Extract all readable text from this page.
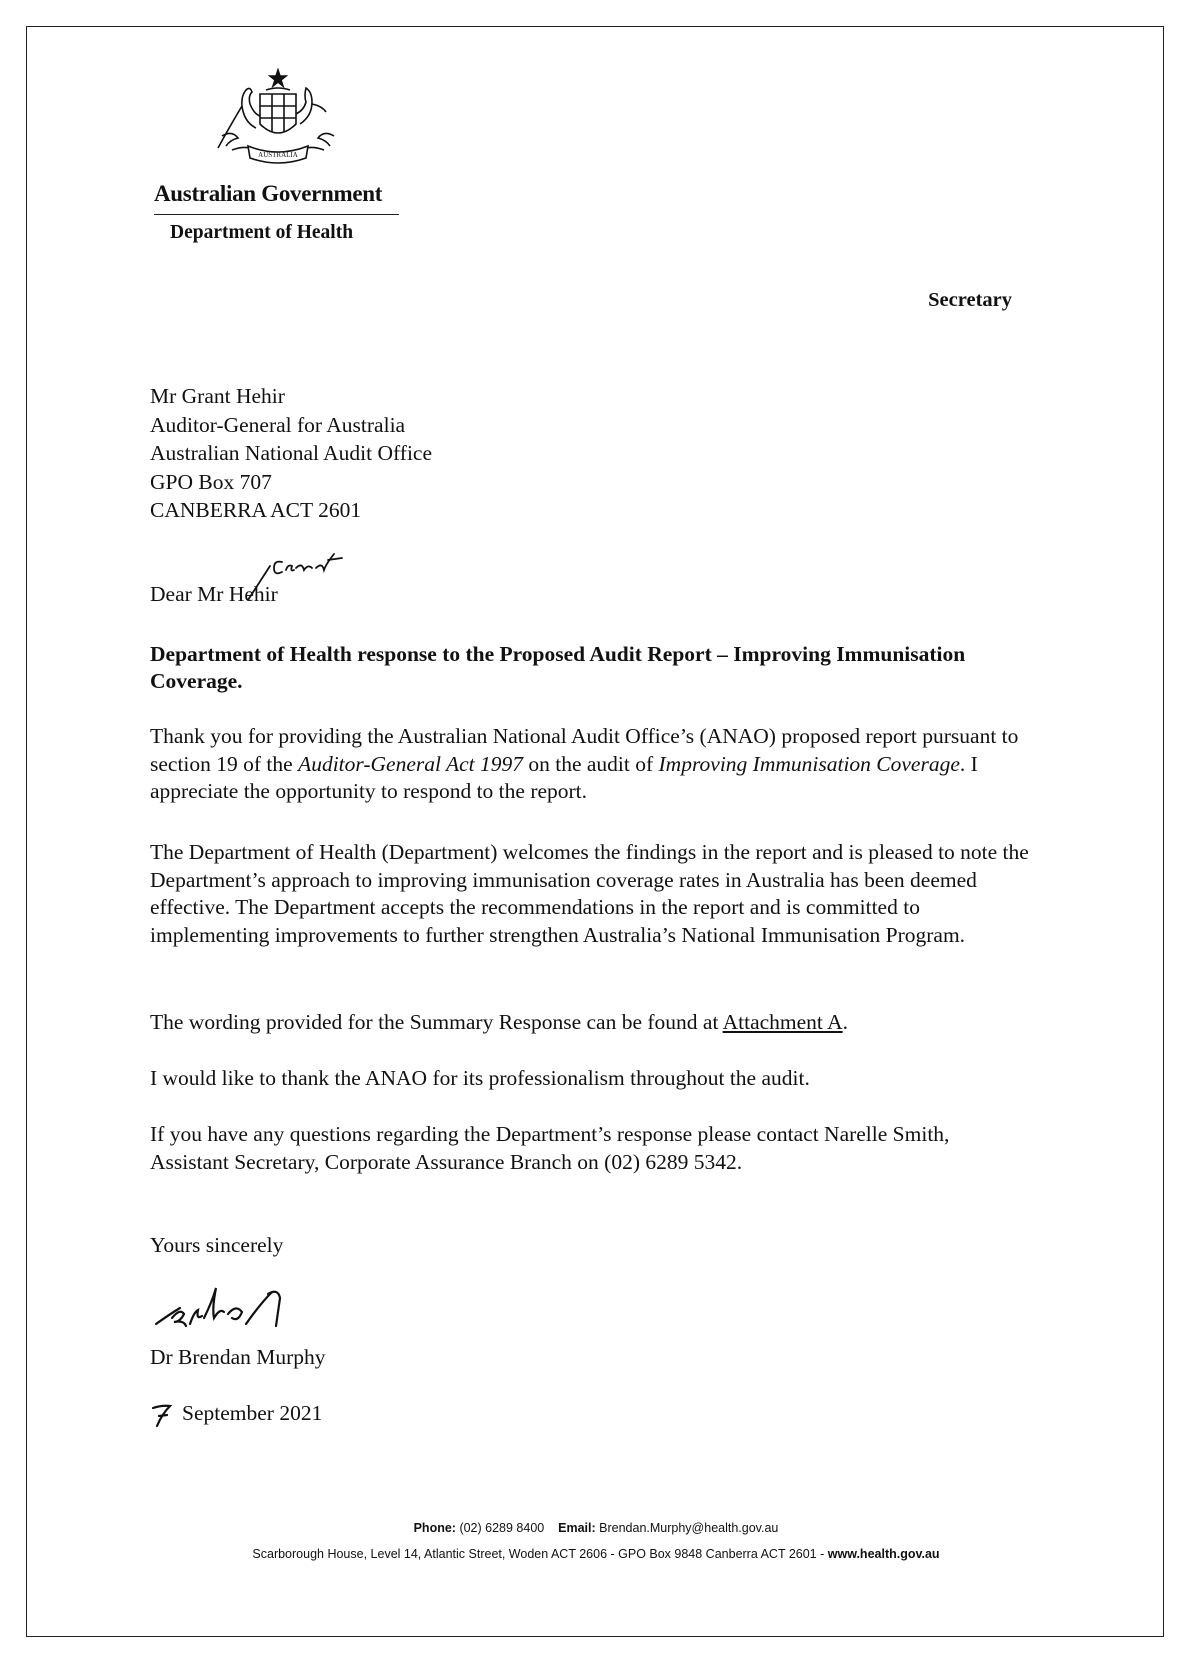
AUSTRALIA
Australian Government
Department of Health
Secretary
Mr Grant Hehir
Auditor-General for Australia
Australian National Audit Office
GPO Box 707
CANBERRA ACT 2601
Dear Mr Hehir
Department of Health response to the Proposed Audit Report – Improving Immunisation Coverage.

Thank you for providing the Australian National Audit Office’s (ANAO) proposed report pursuant to section 19 of the Auditor-General Act 1997 on the audit of Improving Immunisation Coverage. I appreciate the opportunity to respond to the report.

The Department of Health (Department) welcomes the findings in the report and is pleased to note the Department’s approach to improving immunisation coverage rates in Australia has been deemed effective. The Department accepts the recommendations in the report and is committed to implementing improvements to further strengthen Australia’s National Immunisation Program.

The wording provided for the Summary Response can be found at Attachment A.

I would like to thank the ANAO for its professionalism throughout the audit.

If you have any questions regarding the Department’s response please contact Narelle Smith, Assistant Secretary, Corporate Assurance Branch on (02) 6289 5342.

Yours sincerely
Dr Brendan Murphy
September 2021
Phone: (02) 6289 8400 Email: Brendan.Murphy@health.gov.au
Scarborough House, Level 14, Atlantic Street, Woden ACT 2606 - GPO Box 9848 Canberra ACT 2601 - www.health.gov.au
